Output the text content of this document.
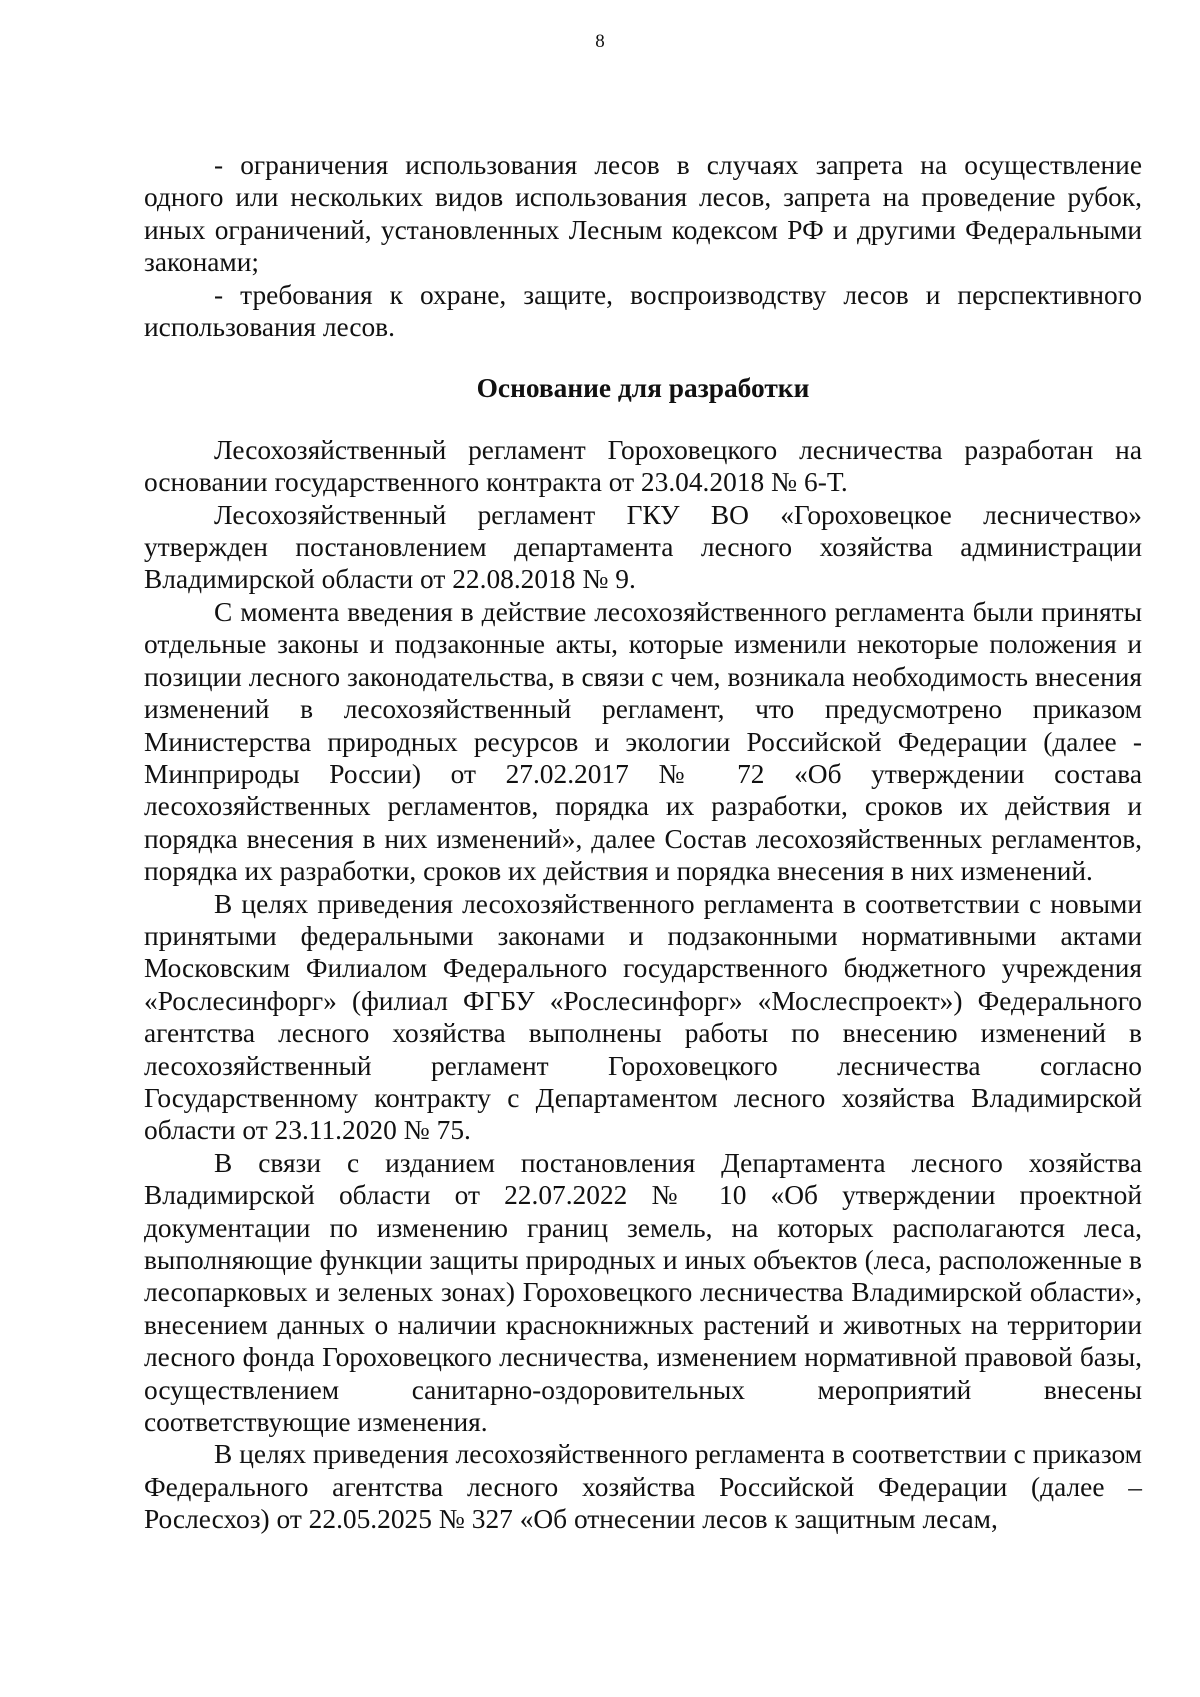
8

- ограничения использования лесов в случаях запрета на осуществление одного или нескольких видов использования лесов, запрета на проведение рубок, иных ограничений, установленных Лесным кодексом РФ и другими Федеральными законами;

- требования к охране, защите, воспроизводству лесов и перспективного использования лесов.

Основание для разработки

Лесохозяйственный регламент Гороховецкого лесничества разработан на основании государственного контракта от 23.04.2018 № 6-Т.

Лесохозяйственный регламент ГКУ ВО «Гороховецкое лесничество» утвержден постановлением департамента лесного хозяйства администрации Владимирской области от 22.08.2018 № 9.

С момента введения в действие лесохозяйственного регламента были приняты отдельные законы и подзаконные акты, которые изменили некоторые положения и позиции лесного законодательства, в связи с чем, возникала необходимость внесения изменений в лесохозяйственный регламент, что предусмотрено приказом Министерства природных ресурсов и экологии Российской Федерации (далее - Минприроды России) от 27.02.2017 № 72 «Об утверждении состава лесохозяйственных регламентов, порядка их разработки, сроков их действия и порядка внесения в них изменений», далее Состав лесохозяйственных регламентов, порядка их разработки, сроков их действия и порядка внесения в них изменений.

В целях приведения лесохозяйственного регламента в соответствии с новыми принятыми федеральными законами и подзаконными нормативными актами Московским Филиалом Федерального государственного бюджетного учреждения «Рослесинфорг» (филиал ФГБУ «Рослесинфорг» «Мослеспроект») Федерального агентства лесного хозяйства выполнены работы по внесению изменений в лесохозяйственный регламент Гороховецкого лесничества согласно Государственному контракту с Департаментом лесного хозяйства Владимирской области от 23.11.2020 № 75.

В связи с изданием постановления Департамента лесного хозяйства Владимирской области от 22.07.2022 № 10 «Об утверждении проектной документации по изменению границ земель, на которых располагаются леса, выполняющие функции защиты природных и иных объектов (леса, расположенные в лесопарковых и зеленых зонах) Гороховецкого лесничества Владимирской области», внесением данных о наличии краснокнижных растений и животных на территории лесного фонда Гороховецкого лесничества, изменением нормативной правовой базы, осуществлением санитарно-оздоровительных мероприятий внесены соответствующие изменения.

В целях приведения лесохозяйственного регламента в соответствии с приказом Федерального агентства лесного хозяйства Российской Федерации (далее – Рослесхоз) от 22.05.2025 № 327 «Об отнесении лесов к защитным лесам,
